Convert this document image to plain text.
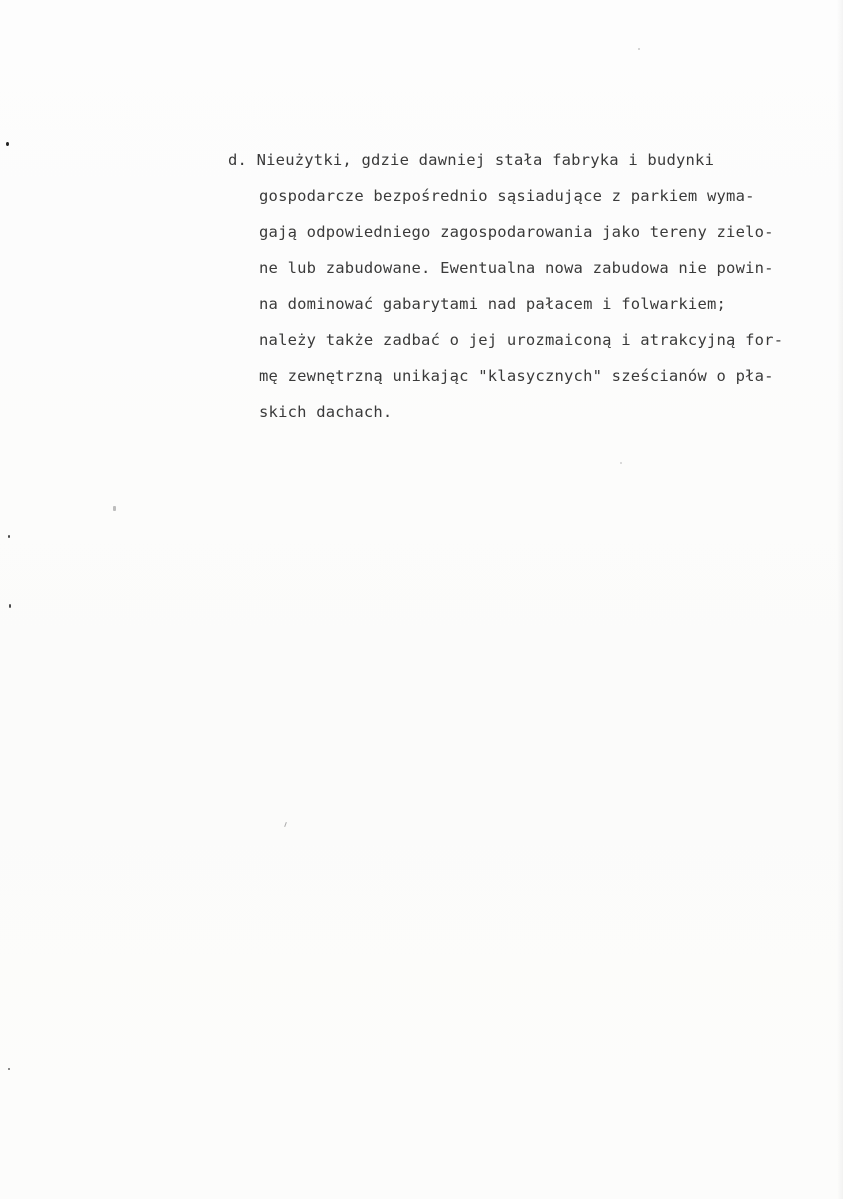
d. Nieużytki, gdzie dawniej stała fabryka i budynki
gospodarcze bezpośrednio sąsiadujące z parkiem wyma-
gają odpowiedniego zagospodarowania jako tereny zielo-
ne lub zabudowane. Ewentualna nowa zabudowa nie powin-
na dominować gabarytami nad pałacem i folwarkiem;
należy także zadbać o jej urozmaiconą i atrakcyjną for-
mę zewnętrzną unikając "klasycznych" sześcianów o pła-
skich dachach.
